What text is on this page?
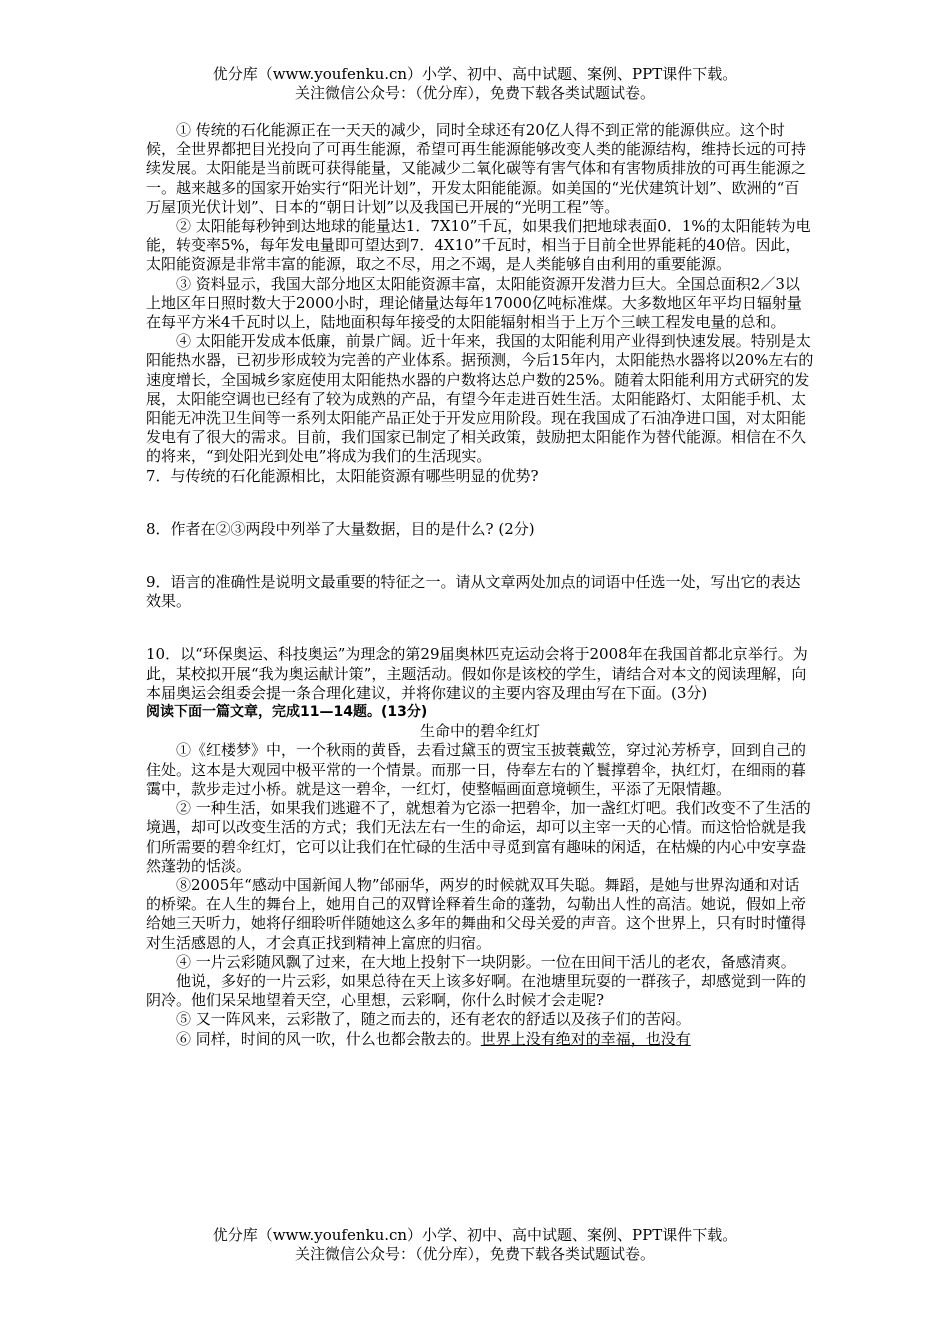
优分库（www.youfenku.cn）小学、初中、高中试题、案例、PPT课件下载。
关注微信公众号：（优分库），免费下载各类试题试卷。

① 传统的石化能源正在一天天的减少，同时全球还有20亿人得不到正常的能源供应。这个时候，全世界都把目光投向了可再生能源，希望可再生能源能够改变人类的能源结构，维持长远的可持续发展。太阳能是当前既可获得能量，又能减少二氧化碳等有害气体和有害物质排放的可再生能源之一。越来越多的国家开始实行“阳光计划”，开发太阳能能源。如美国的“光伏建筑计划”、欧洲的“百万屋顶光伏计划”、日本的“朝日计划”以及我国已开展的“光明工程”等。

② 太阳能每秒钟到达地球的能量达1．7X10”千瓦，如果我们把地球表面0．1%的太阳能转为电能，转变率5%，每年发电量即可望达到7．4X10”千瓦时，相当于目前全世界能耗的40倍。因此，太阳能资源是非常丰富的能源，取之不尽，用之不竭，是人类能够自由利用的重要能源。

③ 资料显示，我国大部分地区太阳能资源丰富，太阳能资源开发潜力巨大。全国总面积2／3以上地区年日照时数大于2000小时，理论储量达每年17000亿吨标准煤。大多数地区年平均日辐射量在每平方米4千瓦时以上，陆地面积每年接受的太阳能辐射相当于上万个三峡工程发电量的总和。

④ 太阳能开发成本低廉，前景广阔。近十年来，我国的太阳能利用产业得到快速发展。特别是太阳能热水器，已初步形成较为完善的产业体系。据预测，今后15年内，太阳能热水器将以20%左右的速度增长，全国城乡家庭使用太阳能热水器的户数将达总户数的25%。随着太阳能利用方式研究的发展，太阳能空调也已经有了较为成熟的产品，有望今年走进百姓生活。太阳能路灯、太阳能手机、太阳能无冲洗卫生间等一系列太阳能产品正处于开发应用阶段。现在我国成了石油净进口国，对太阳能发电有了很大的需求。目前，我们国家已制定了相关政策，鼓励把太阳能作为替代能源。相信在不久的将来，“到处阳光到处电”将成为我们的生活现实。

7．与传统的石化能源相比，太阳能资源有哪些明显的优势?

8．作者在②③两段中列举了大量数据，目的是什么? (2分)

9．语言的准确性是说明文最重要的特征之一。请从文章两处加点的词语中任选一处，写出它的表达效果。

10．以“环保奥运、科技奥运”为理念的第29届奥林匹克运动会将于2008年在我国首都北京举行。为此，某校拟开展“我为奥运献计策”，主题活动。假如你是该校的学生，请结合对本文的阅读理解，向本届奥运会组委会提一条合理化建议，并将你建议的主要内容及理由写在下面。(3分)

阅读下面一篇文章，完成11—14题。(13分)

生命中的碧伞红灯

①《红楼梦》中，一个秋雨的黄昏，去看过黛玉的贾宝玉披蓑戴笠，穿过沁芳桥亨，回到自己的住处。这本是大观园中极平常的一个情景。而那一日，侍奉左右的丫鬟撑碧伞，执红灯，在细雨的暮霭中，款步走过小桥。就是这一碧伞，一红灯，使整幅画面意境顿生，平添了无限情趣。

② 一种生活，如果我们逃避不了，就想着为它添一把碧伞，加一盏红灯吧。我们改变不了生活的境遇，却可以改变生活的方式；我们无法左右一生的命运，却可以主宰一天的心情。而这恰恰就是我们所需要的碧伞红灯，它可以让我们在忙碌的生活中寻觅到富有趣味的闲适，在枯燥的内心中安享盎然蓬勃的恬淡。

⑧2005年“感动中国新闻人物”邰丽华，两岁的时候就双耳失聪。舞蹈，是她与世界沟通和对话的桥梁。在人生的舞台上，她用自己的双臂诠释着生命的蓬勃，勾勒出人性的高洁。她说，假如上帝给她三天听力，她将仔细聆听伴随她这么多年的舞曲和父母关爱的声音。这个世界上，只有时时懂得对生活感恩的人，才会真正找到精神上富庶的归宿。

④ 一片云彩随风飘了过来，在大地上投射下一块阴影。一位在田间干活儿的老农，备感清爽。

他说，多好的一片云彩，如果总待在天上该多好啊。在池塘里玩耍的一群孩子，却感觉到一阵的阴冷。他们呆呆地望着天空，心里想，云彩啊，你什么时候才会走呢?

⑤ 又一阵风来，云彩散了，随之而去的，还有老农的舒适以及孩子们的苦闷。

⑥ 同样，时间的风一吹，什么也都会散去的。世界上没有绝对的幸福，也没有

优分库（www.youfenku.cn）小学、初中、高中试题、案例、PPT课件下载。
关注微信公众号：（优分库），免费下载各类试题试卷。
